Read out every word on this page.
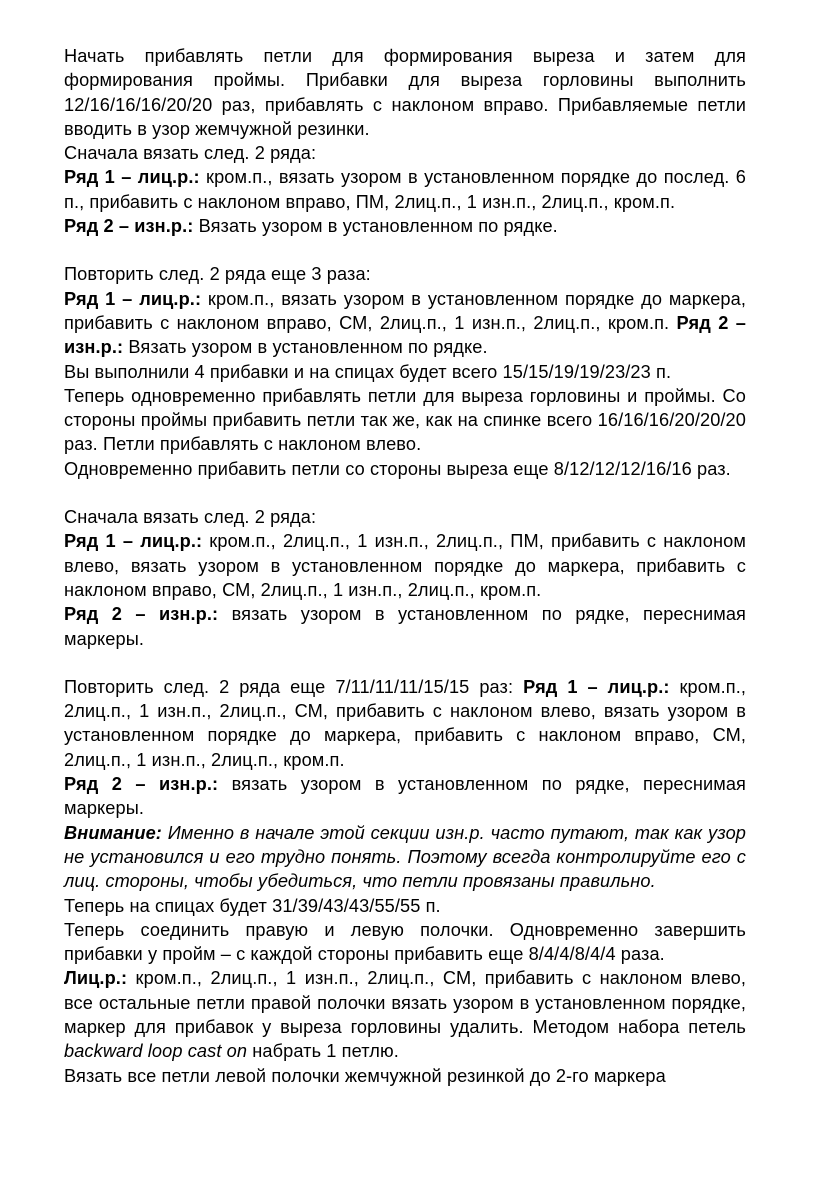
Начать прибавлять петли для формирования выреза и затем для формирования проймы. Прибавки для выреза горловины выполнить 12/16/16/16/20/20 раз, прибавлять с наклоном вправо. Прибавляемые петли вводить в узор жемчужной резинки.

Сначала вязать след. 2 ряда:

Ряд 1 – лиц.р.: кром.п., вязать узором в установленном порядке до послед. 6 п., прибавить с наклоном вправо, ПМ, 2лиц.п., 1 изн.п., 2лиц.п., кром.п.

Ряд 2 – изн.р.: Вязать узором в установленном по рядке.

Повторить след. 2 ряда еще 3 раза:

Ряд 1 – лиц.р.: кром.п., вязать узором в установленном порядке до маркера, прибавить с наклоном вправо, СМ, 2лиц.п., 1 изн.п., 2лиц.п., кром.п. Ряд 2 – изн.р.: Вязать узором в установленном по рядке.

Вы выполнили 4 прибавки и на спицах будет всего 15/15/19/19/23/23 п.

Теперь одновременно прибавлять петли для выреза горловины и проймы. Со стороны проймы прибавить петли так же, как на спинке всего 16/16/16/20/20/20 раз. Петли прибавлять с наклоном влево.

Одновременно прибавить петли со стороны выреза еще 8/12/12/12/16/16 раз.

Сначала вязать след. 2 ряда:

Ряд 1 – лиц.р.: кром.п., 2лиц.п., 1 изн.п., 2лиц.п., ПМ, прибавить с наклоном влево, вязать узором в установленном порядке до маркера, прибавить с наклоном вправо, СМ, 2лиц.п., 1 изн.п., 2лиц.п., кром.п.

Ряд 2 – изн.р.: вязать узором в установленном по рядке, переснимая маркеры.

Повторить след. 2 ряда еще 7/11/11/11/15/15 раз: Ряд 1 – лиц.р.: кром.п., 2лиц.п., 1 изн.п., 2лиц.п., СМ, прибавить с наклоном влево, вязать узором в установленном порядке до маркера, прибавить с наклоном вправо, СМ, 2лиц.п., 1 изн.п., 2лиц.п., кром.п.

Ряд 2 – изн.р.: вязать узором в установленном по рядке, переснимая маркеры.

Внимание: Именно в начале этой секции изн.р. часто путают, так как узор не установился и его трудно понять. Поэтому всегда контролируйте его с лиц. стороны, чтобы убедиться, что петли провязаны правильно.

Теперь на спицах будет 31/39/43/43/55/55 п.

Теперь соединить правую и левую полочки. Одновременно завершить прибавки у пройм – с каждой стороны прибавить еще 8/4/4/8/4/4 раза.

Лиц.р.: кром.п., 2лиц.п., 1 изн.п., 2лиц.п., СМ, прибавить с наклоном влево, все остальные петли правой полочки вязать узором в установленном порядке, маркер для прибавок у выреза горловины удалить. Методом набора петель backward loop cast on набрать 1 петлю.

Вязать все петли левой полочки жемчужной резинкой до 2-го маркера
